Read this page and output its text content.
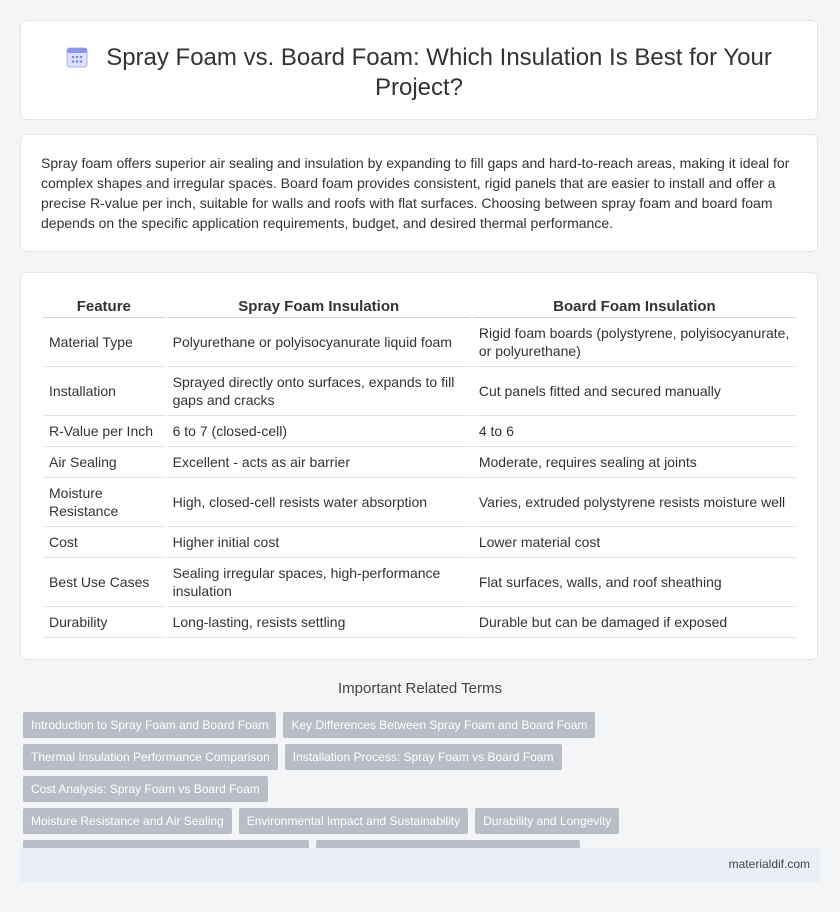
Spray Foam vs. Board Foam: Which Insulation Is Best for Your Project?
Spray foam offers superior air sealing and insulation by expanding to fill gaps and hard-to-reach areas, making it ideal for complex shapes and irregular spaces. Board foam provides consistent, rigid panels that are easier to install and offer a precise R-value per inch, suitable for walls and roofs with flat surfaces. Choosing between spray foam and board foam depends on the specific application requirements, budget, and desired thermal performance.
Feature	Spray Foam Insulation	Board Foam Insulation
Material Type	Polyurethane or polyisocyanurate liquid foam	Rigid foam boards (polystyrene, polyisocyanurate, or polyurethane)
Installation	Sprayed directly onto surfaces, expands to fill gaps and cracks	Cut panels fitted and secured manually
R-Value per Inch	6 to 7 (closed-cell)	4 to 6
Air Sealing	Excellent - acts as air barrier	Moderate, requires sealing at joints
Moisture Resistance	High, closed-cell resists water absorption	Varies, extruded polystyrene resists moisture well
Cost	Higher initial cost	Lower material cost
Best Use Cases	Sealing irregular spaces, high-performance insulation	Flat surfaces, walls, and roof sheathing
Durability	Long-lasting, resists settling	Durable but can be damaged if exposed
Important Related Terms
Introduction to Spray Foam and Board Foam Key Differences Between Spray Foam and Board Foam
Thermal Insulation Performance Comparison Installation Process: Spray Foam vs Board FoamCost Analysis: Spray Foam vs Board Foam
Moisture Resistance and Air Sealing Environmental Impact and Sustainability Durability and Longevity

materialdif.com
